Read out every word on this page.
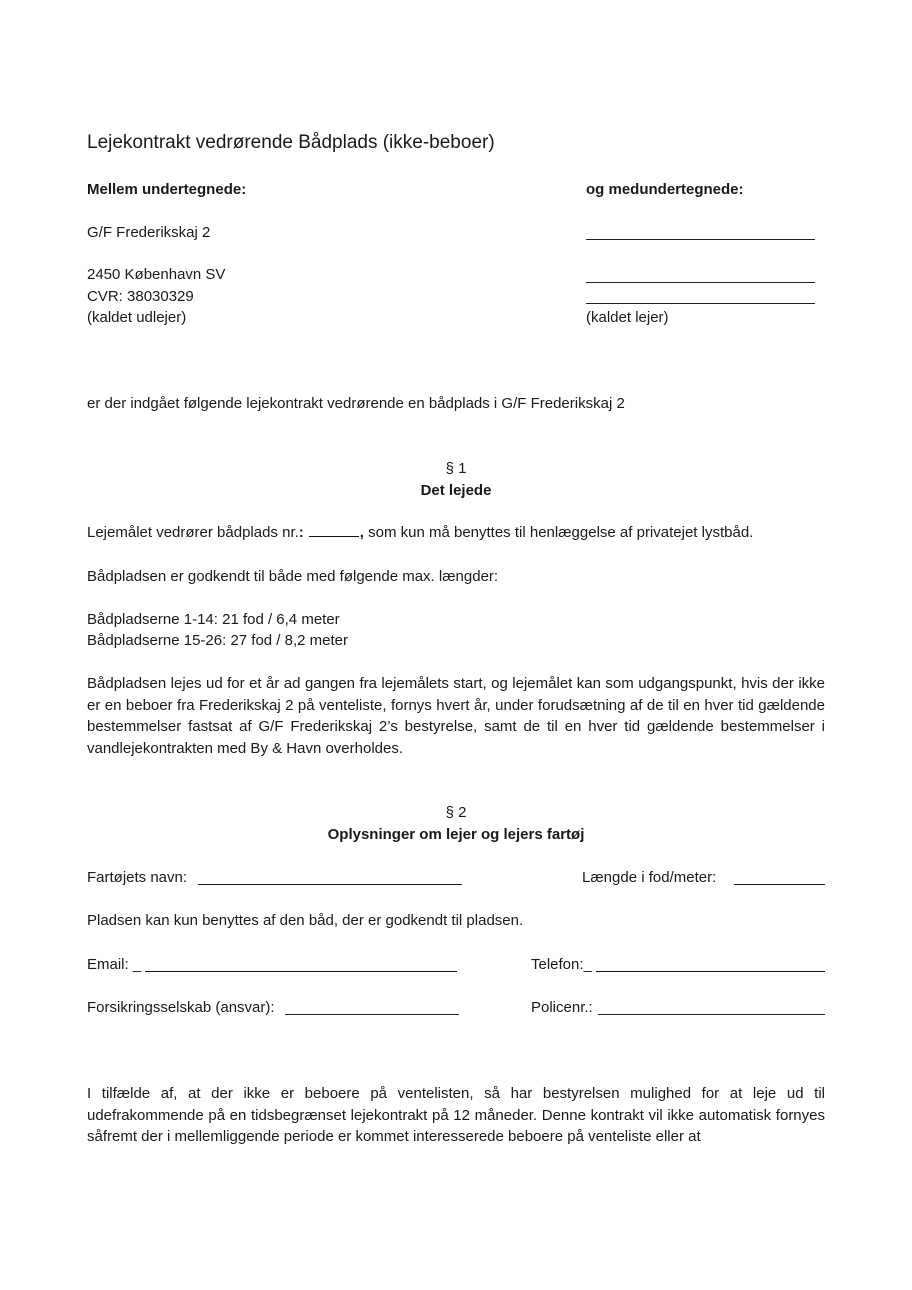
Lejekontrakt vedrørende Bådplads (ikke-beboer)
Mellem undertegnede:	og medundertegnede:
G/F Frederikskaj 2
2450 København SV
CVR: 38030329
(kaldet udlejer)	(kaldet lejer)
er der indgået følgende lejekontrakt vedrørende en bådplads i G/F Frederikskaj 2
§ 1
Det lejede
Lejemålet vedrører bådplads nr.:	, som kun må benyttes til henlæggelse af privatejet lystbåd.
Bådpladsen er godkendt til både med følgende max. længder:
Bådpladserne 1-14: 21 fod / 6,4 meter
Bådpladserne 15-26: 27 fod / 8,2 meter
Bådpladsen lejes ud for et år ad gangen fra lejemålets start, og lejemålet kan som udgangspunkt, hvis der ikke er en beboer fra Frederikskaj 2 på venteliste, fornys hvert år, under forudsætning af de til en hver tid gældende bestemmelser fastsat af G/F Frederikskaj 2’s bestyrelse, samt de til en hver tid gældende bestemmelser i vandlejekontrakten med By & Havn overholdes.
§ 2
Oplysninger om lejer og lejers fartøj
Fartøjets navn:	Længde i fod/meter:
Pladsen kan kun benyttes af den båd, der er godkendt til pladsen.
Email: _	Telefon:_
Forsikringsselskab (ansvar):	Policenr.:
I tilfælde af, at der ikke er beboere på ventelisten, så har bestyrelsen mulighed for at leje ud til udefrakommende på en tidsbegrænset lejekontrakt på 12 måneder. Denne kontrakt vil ikke automatisk fornyes såfremt der i mellemliggende periode er kommet interesserede beboere på venteliste eller at
